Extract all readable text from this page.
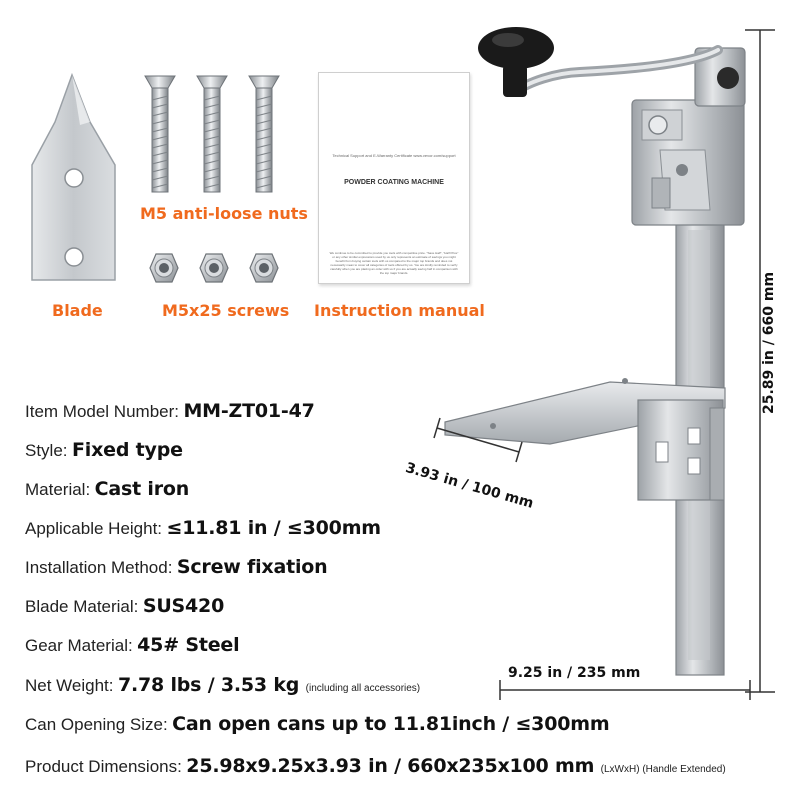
Blade
M5 anti-loose nuts
M5x25 screws
Technical Support and E-Warranty Certificate www.vevor.com/support
POWDER COATING MACHINE
We continue to be committed to provide you tools with competitive price. "Save Half", "Half Price" or any other similar expressions used by us only represents an estimate of savings you might benefit from buying certain tools with us compared to the major top brands and does not necessarily mean to cover all categories of tools offered by us. You are kindly reminded to verify carefully when you are placing an order with us if you are actually saving half in comparison with the top major brands.
Instruction manual	25.89 in / 660 mm
3.93 in / 100 mm
9.25 in / 235 mm
Item Model Number: MM-ZT01-47
Style: Fixed type
Material: Cast iron
Applicable Height: ≤11.81 in / ≤300mm
Installation Method: Screw fixation
Blade Material: SUS420
Gear Material: 45# Steel
Net Weight: 7.78 lbs / 3.53 kg (including all accessories)
Can Opening Size: Can open cans up to 11.81inch / ≤300mm
Product Dimensions: 25.98x9.25x3.93 in / 660x235x100 mm (LxWxH) (Handle Extended)
